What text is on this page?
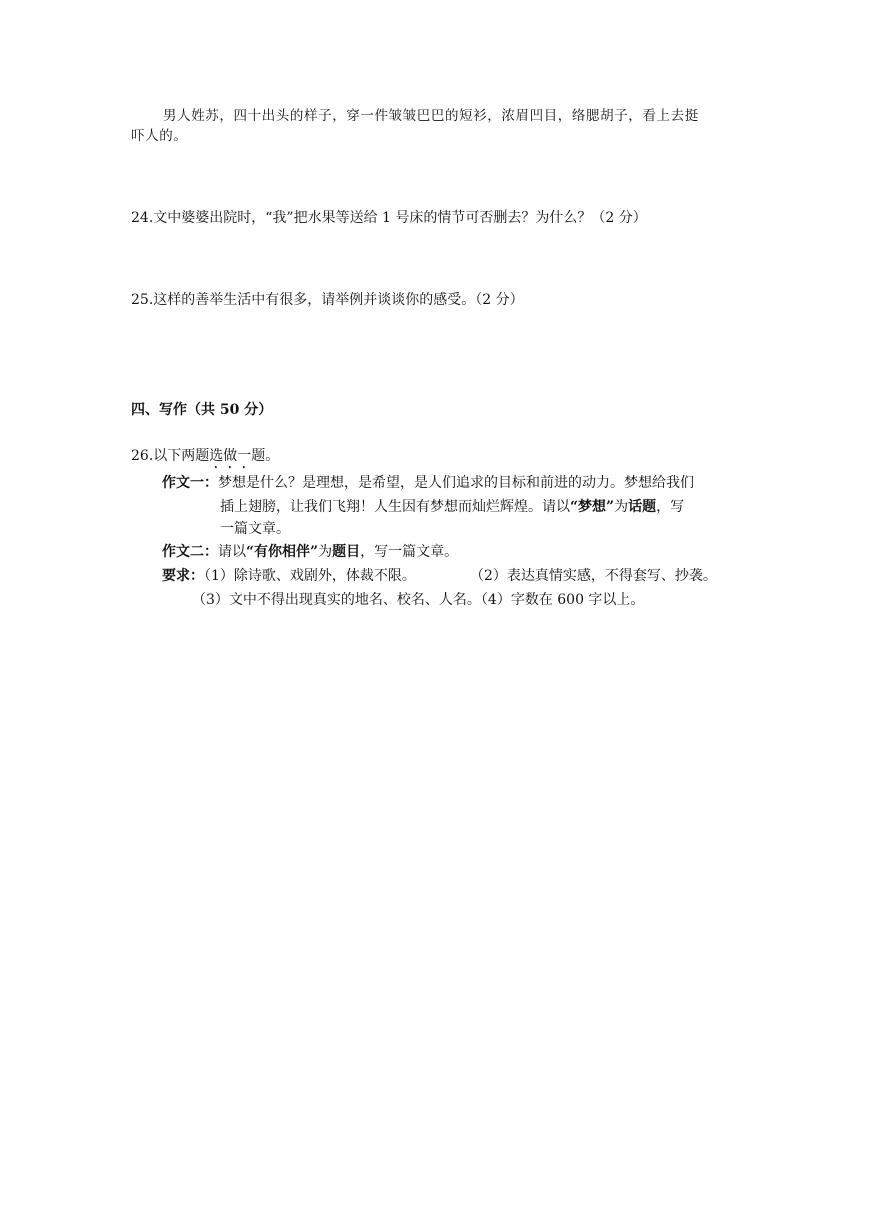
男人姓苏，四十出头的样子，穿一件皱皱巴巴的短衫，浓眉凹目，络腮胡子，看上去挺
吓人的。
24.文中婆婆出院时，“我”把水果等送给 1 号床的情节可否删去？为什么？（2 分）
25.这样的善举生活中有很多，请举例并谈谈你的感受。（2 分）
四、写作（共 50 分）
26.以下两题选做一题。
作文一：梦想是什么？是理想，是希望，是人们追求的目标和前进的动力。梦想给我们
插上翅膀，让我们飞翔！人生因有梦想而灿烂辉煌。请以“梦想”为话题，写
一篇文章。
作文二：请以“有你相伴”为题目，写一篇文章。
要求：（1）除诗歌、戏剧外，体裁不限。	（2）表达真情实感，不得套写、抄袭。
（3）文中不得出现真实的地名、校名、人名。（4）字数在 600 字以上。
